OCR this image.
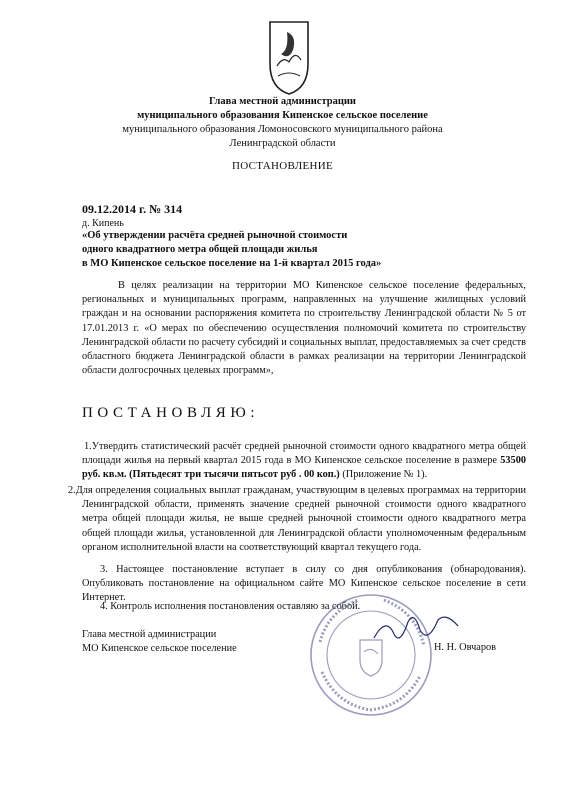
Глава местной администрации
муниципального образования Кипенское сельское поселение
муниципального образования Ломоносовского муниципального района
Ленинградской области
ПОСТАНОВЛЕНИЕ
09.12.2014 г. № 314
д. Кипень
«Об утверждении расчёта средней рыночной стоимости
одного квадратного метра общей площади жилья
в МО Кипенское сельское поселение на 1-й квартал 2015 года»
В целях реализации на территории МО Кипенское сельское поселение федеральных, региональных и муниципальных программ, направленных на улучшение жилищных условий граждан и на основании распоряжения комитета по строительству Ленинградской области № 5 от 17.01.2013 г. «О мерах по обеспечению осуществления полномочий комитета по строительству Ленинградской области по расчету субсидий и социальных выплат, предоставляемых за счет средств областного бюджета Ленинградской области в рамках реализации на территории Ленинградской области долгосрочных целевых программ»,
ПОСТАНОВЛЯЮ:
1.Утвердить статистический расчёт средней рыночной стоимости одного квадратного метра общей площади жилья на первый квартал 2015 года в МО Кипенское сельское поселение в размере 53500 руб. кв.м. (Пятьдесят три тысячи пятьсот руб . 00 коп.) (Приложение № 1).
2.Для определения социальных выплат гражданам, участвующим в целевых программах на территории Ленинградской области, применять значение средней рыночной стоимости одного квадратного метра общей площади жилья, не выше средней рыночной стоимости одного квадратного метра общей площади жилья, установленной для Ленинградской области уполномоченным федеральным органом исполнительной власти на соответствующий квартал текущего года.
3. Настоящее постановление вступает в силу со дня опубликования (обнародования). Опубликовать постановление на официальном сайте МО Кипенское сельское поселение в сети Интернет.
4. Контроль исполнения постановления оставляю за собой.
Глава местной администрации
МО Кипенское сельское поселение	Н. Н. Овчаров
